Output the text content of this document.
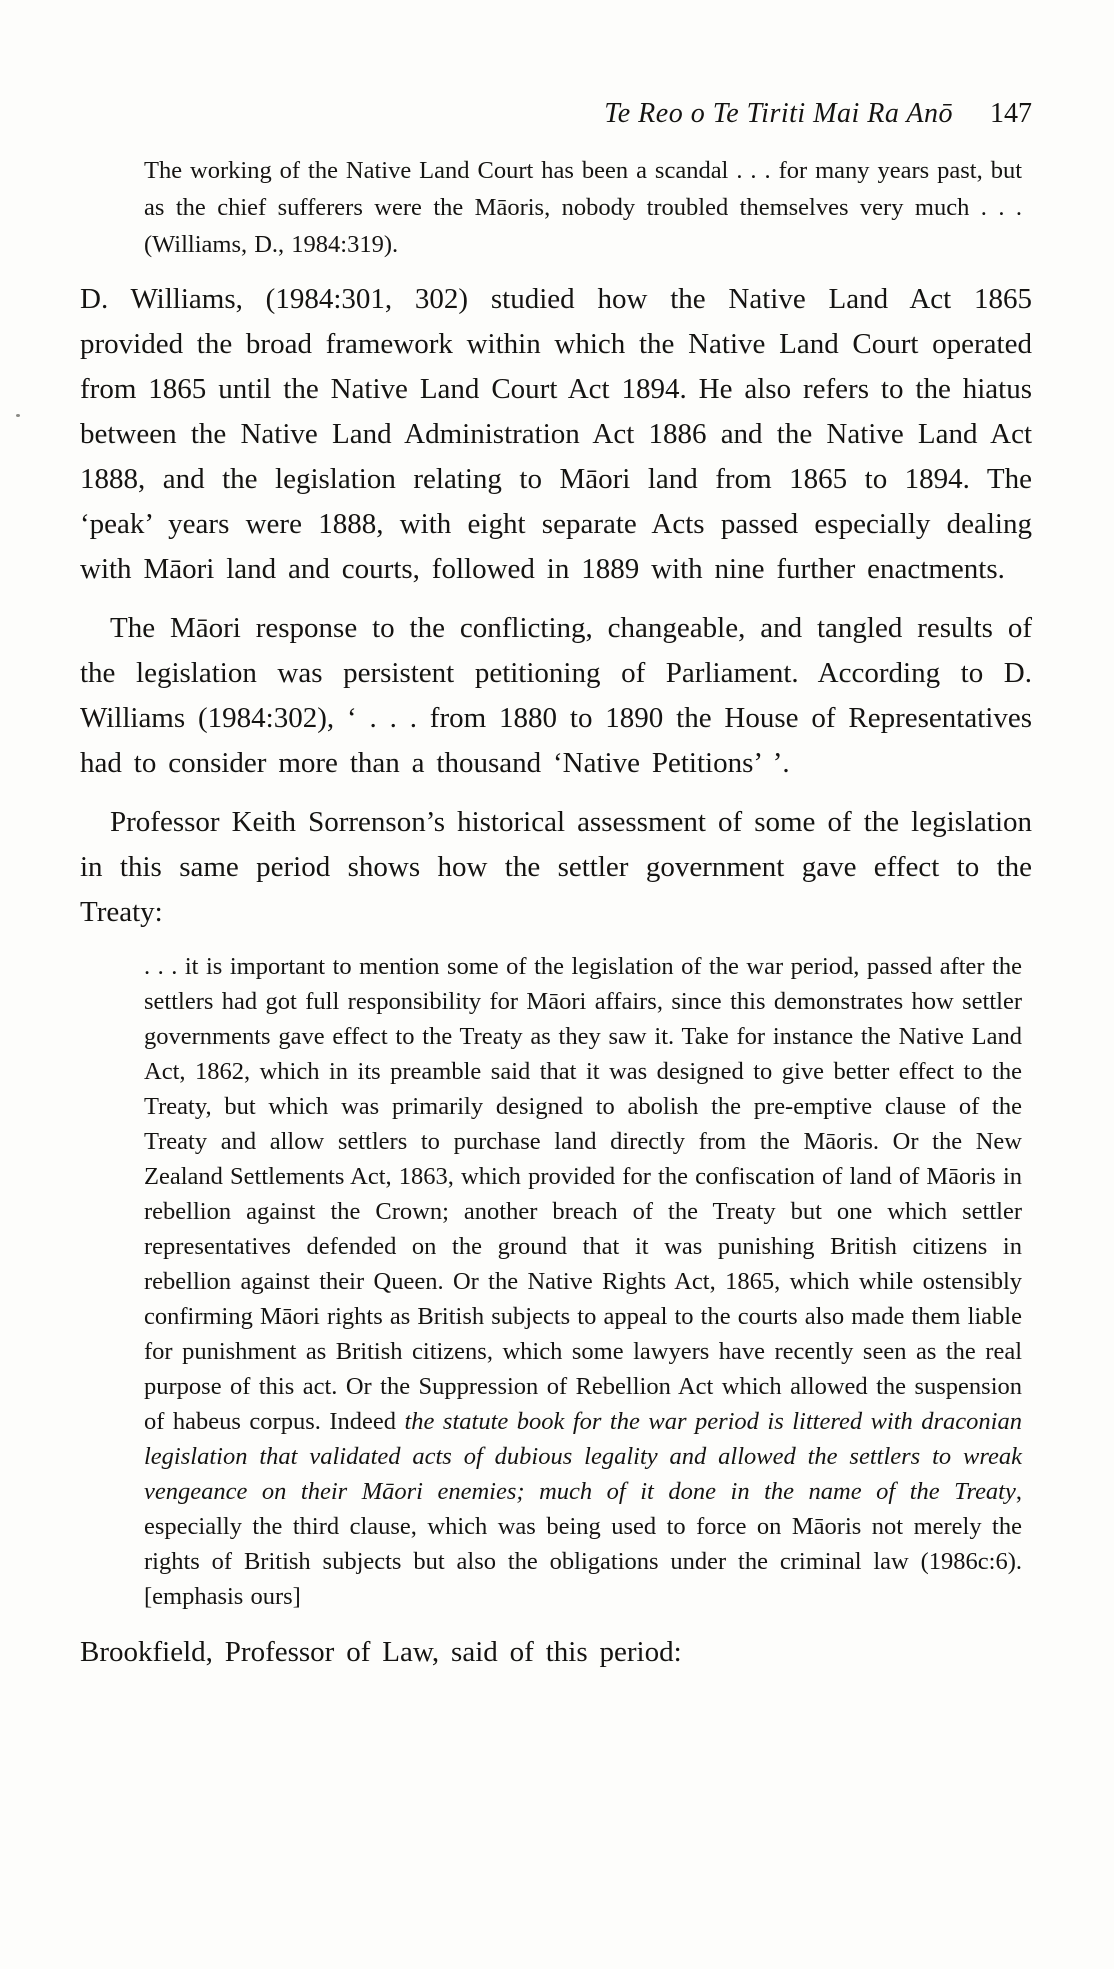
Te Reo o Te Tiriti Mai Ra Anō 147
The working of the Native Land Court has been a scandal . . . for many years past, but as the chief sufferers were the Māoris, nobody troubled themselves very much . . . (Williams, D., 1984:319).

D. Williams, (1984:301, 302) studied how the Native Land Act 1865 provided the broad framework within which the Native Land Court operated from 1865 until the Native Land Court Act 1894. He also refers to the hiatus between the Native Land Administration Act 1886 and the Native Land Act 1888, and the legislation relating to Māori land from 1865 to 1894. The ‘peak’ years were 1888, with eight separate Acts passed especially dealing with Māori land and courts, followed in 1889 with nine further enactments.

The Māori response to the conflicting, changeable, and tangled results of the legislation was persistent petitioning of Parliament. According to D. Williams (1984:302), ‘ . . . from 1880 to 1890 the House of Representatives had to consider more than a thousand ‘Native Petitions’ ’.

Professor Keith Sorrenson’s historical assessment of some of the legislation in this same period shows how the settler government gave effect to the Treaty:

. . . it is important to mention some of the legislation of the war period, passed after the settlers had got full responsibility for Māori affairs, since this demonstrates how settler governments gave effect to the Treaty as they saw it. Take for instance the Native Land Act, 1862, which in its preamble said that it was designed to give better effect to the Treaty, but which was primarily designed to abolish the pre-emptive clause of the Treaty and allow settlers to purchase land directly from the Māoris. Or the New Zealand Settlements Act, 1863, which provided for the confiscation of land of Māoris in rebellion against the Crown; another breach of the Treaty but one which settler representatives defended on the ground that it was punishing British citizens in rebellion against their Queen. Or the Native Rights Act, 1865, which while ostensibly confirming Māori rights as British subjects to appeal to the courts also made them liable for punishment as British citizens, which some lawyers have recently seen as the real purpose of this act. Or the Suppression of Rebellion Act which allowed the suspension of habeus corpus. Indeed the statute book for the war period is littered with draconian legislation that validated acts of dubious legality and allowed the settlers to wreak vengeance on their Māori enemies; much of it done in the name of the Treaty, especially the third clause, which was being used to force on Māoris not merely the rights of British subjects but also the obligations under the criminal law (1986c:6). [emphasis ours]

Brookfield, Professor of Law, said of this period:
